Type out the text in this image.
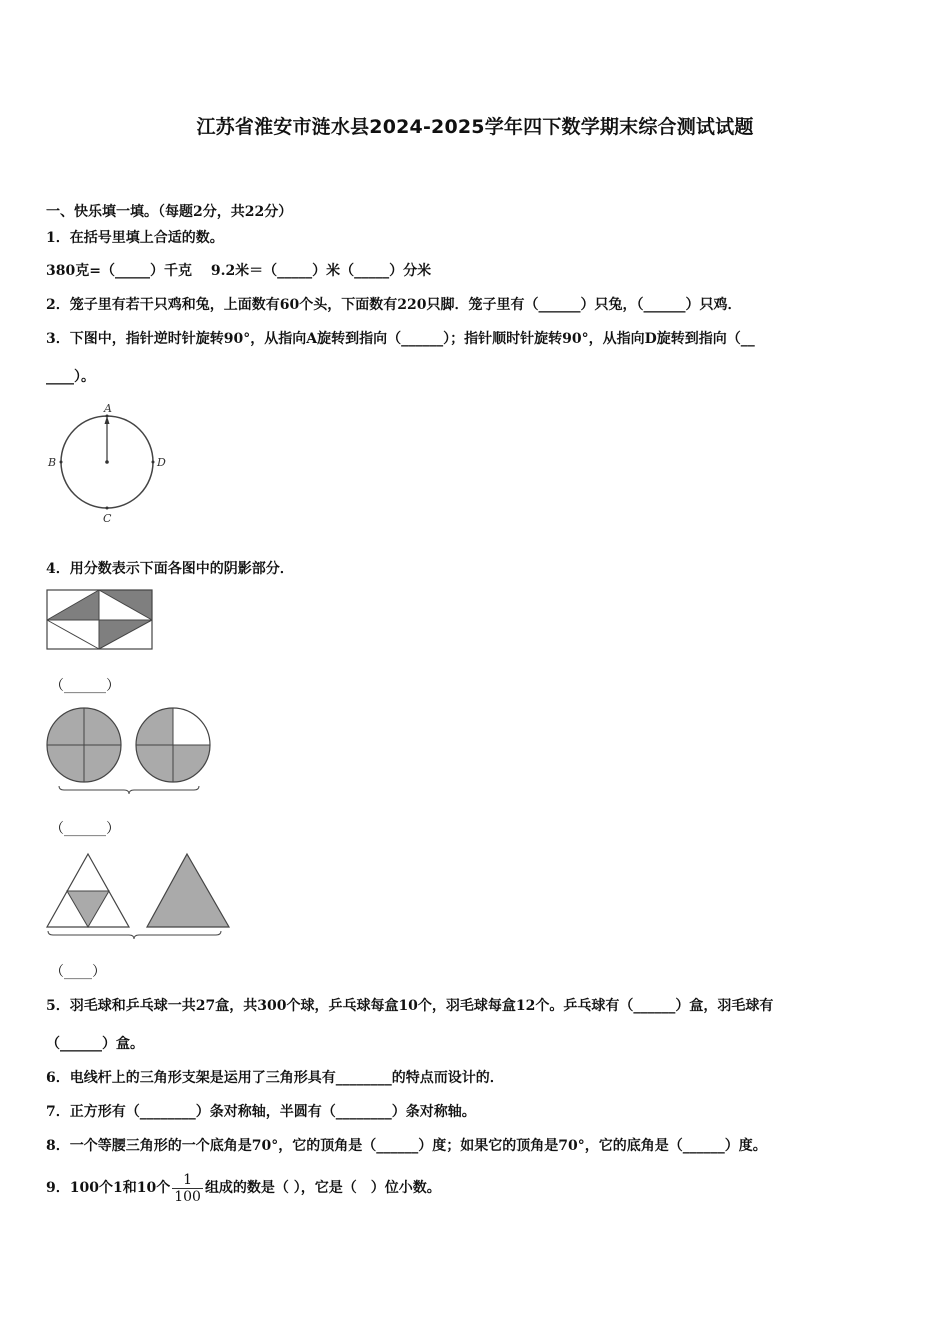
江苏省淮安市涟水县2024-2025学年四下数学期末综合测试试题
一、快乐填一填。（每题2分，共22分）
1．在括号里填上合适的数。
380克=（_____）千克　 9.2米＝（_____）米（_____）分米
2．笼子里有若干只鸡和兔，上面数有60个头，下面数有220只脚．笼子里有（______）只兔，（______）只鸡．
3．下图中，指针逆时针旋转90°，从指向A旋转到指向（______）；指针顺时针旋转90°，从指向D旋转到指向（__
____）。
A
B	D
C
4．用分数表示下面各图中的阴影部分．
（______）
（______）
（____）
5．羽毛球和乒乓球一共27盒，共300个球，乒乓球每盒10个，羽毛球每盒12个。乒乓球有（______）盒，羽毛球有
（______）盒。
6．电线杆上的三角形支架是运用了三角形具有________的特点而设计的．
7．正方形有（________）条对称轴，半圆有（________）条对称轴。
8．一个等腰三角形的一个底角是70°，它的顶角是（______）度；如果它的顶角是70°，它的底角是（______）度。
9．100个1和10个 $\frac{1}{100}$ 组成的数是（ ），它是（　）位小数。
